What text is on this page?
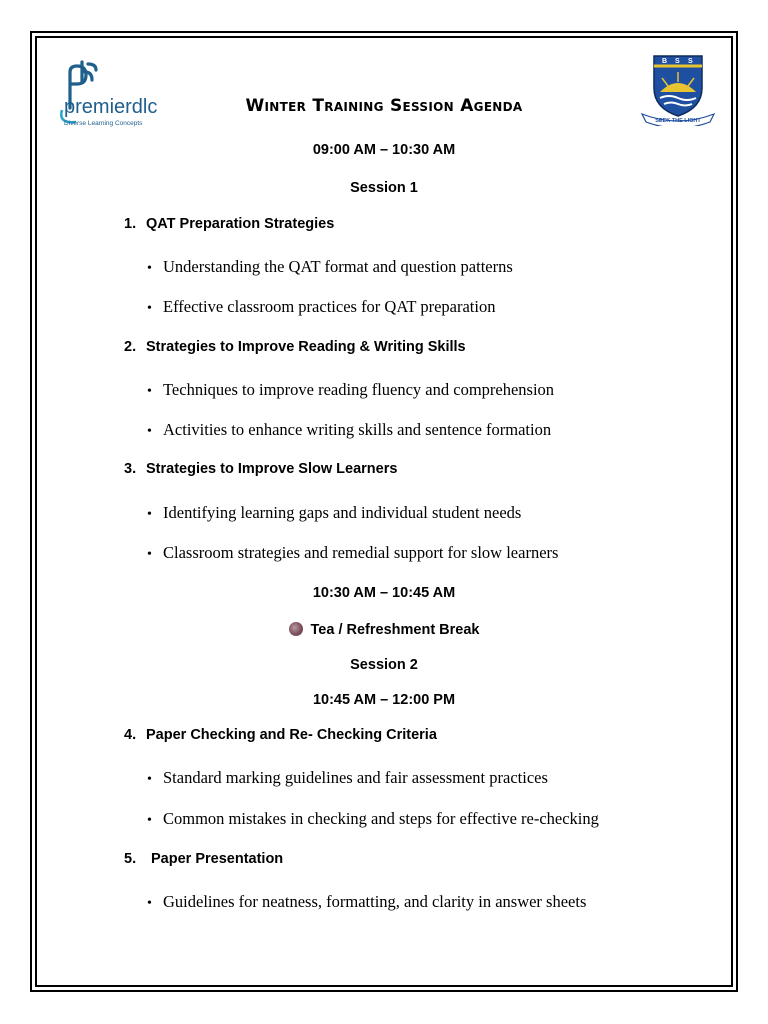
premierdlc
Diverse Learning Concepts
B S S
SEEK THE LIGHT
Winter Training Session Agenda
09:00 AM – 10:30 AM
Session 1
1. QAT Preparation Strategies
• Understanding the QAT format and question patterns
• Effective classroom practices for QAT preparation
2. Strategies to Improve Reading & Writing Skills
• Techniques to improve reading fluency and comprehension
• Activities to enhance writing skills and sentence formation
3. Strategies to Improve Slow Learners
• Identifying learning gaps and individual student needs
• Classroom strategies and remedial support for slow learners
10:30 AM – 10:45 AM
Tea / Refreshment Break
Session 2
10:45 AM – 12:00 PM
4. Paper Checking and Re- Checking Criteria
• Standard marking guidelines and fair assessment practices
• Common mistakes in checking and steps for effective re-checking
5. Paper Presentation
• Guidelines for neatness, formatting, and clarity in answer sheets
